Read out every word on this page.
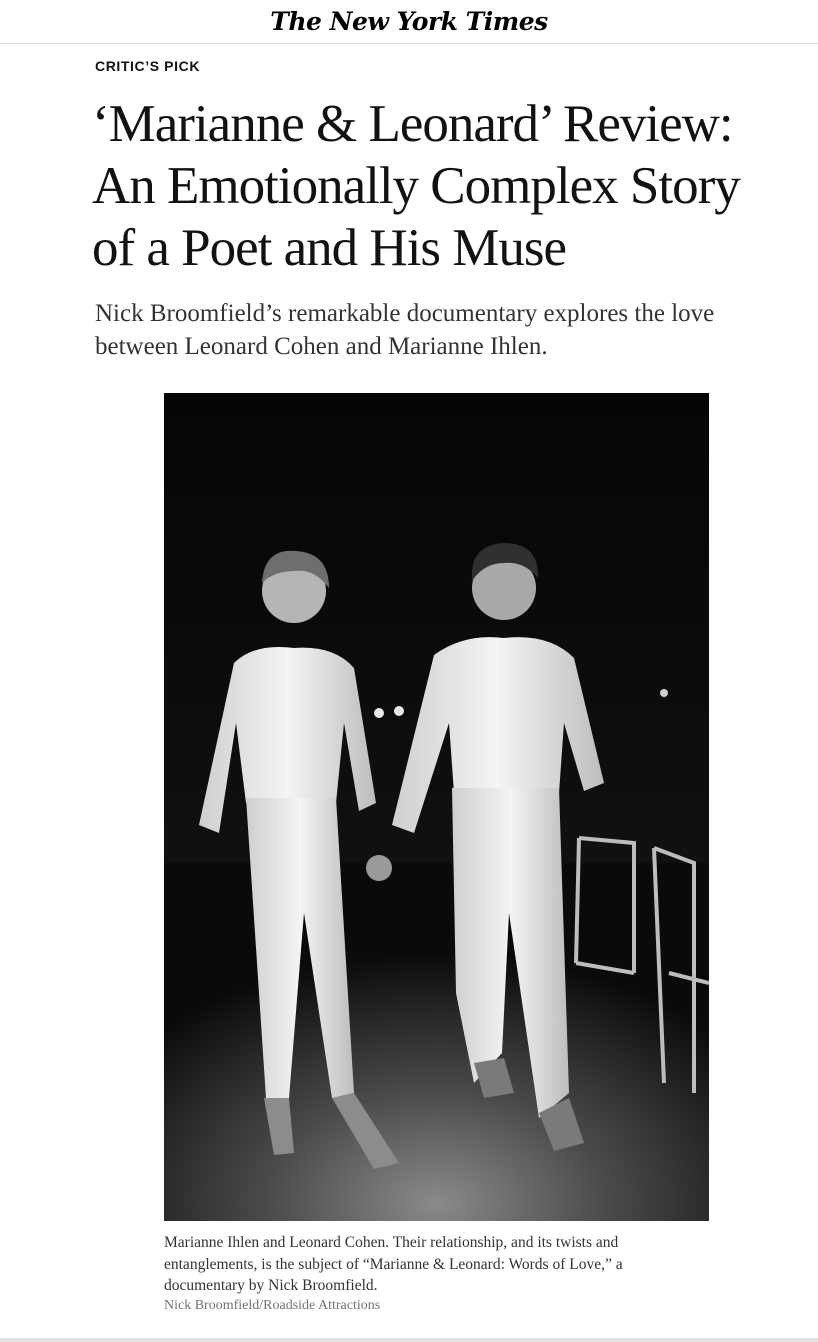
The New York Times
CRITIC’S PICK
‘Marianne & Leonard’ Review: An Emotionally Complex Story of a Poet and His Muse

Nick Broomfield’s remarkable documentary explores the love between Leonard Cohen and Marianne Ihlen.

Marianne Ihlen and Leonard Cohen. Their relationship, and its twists and entanglements, is the subject of “Marianne & Leonard: Words of Love,” a documentary by Nick Broomfield.
Nick Broomfield/Roadside Attractions
